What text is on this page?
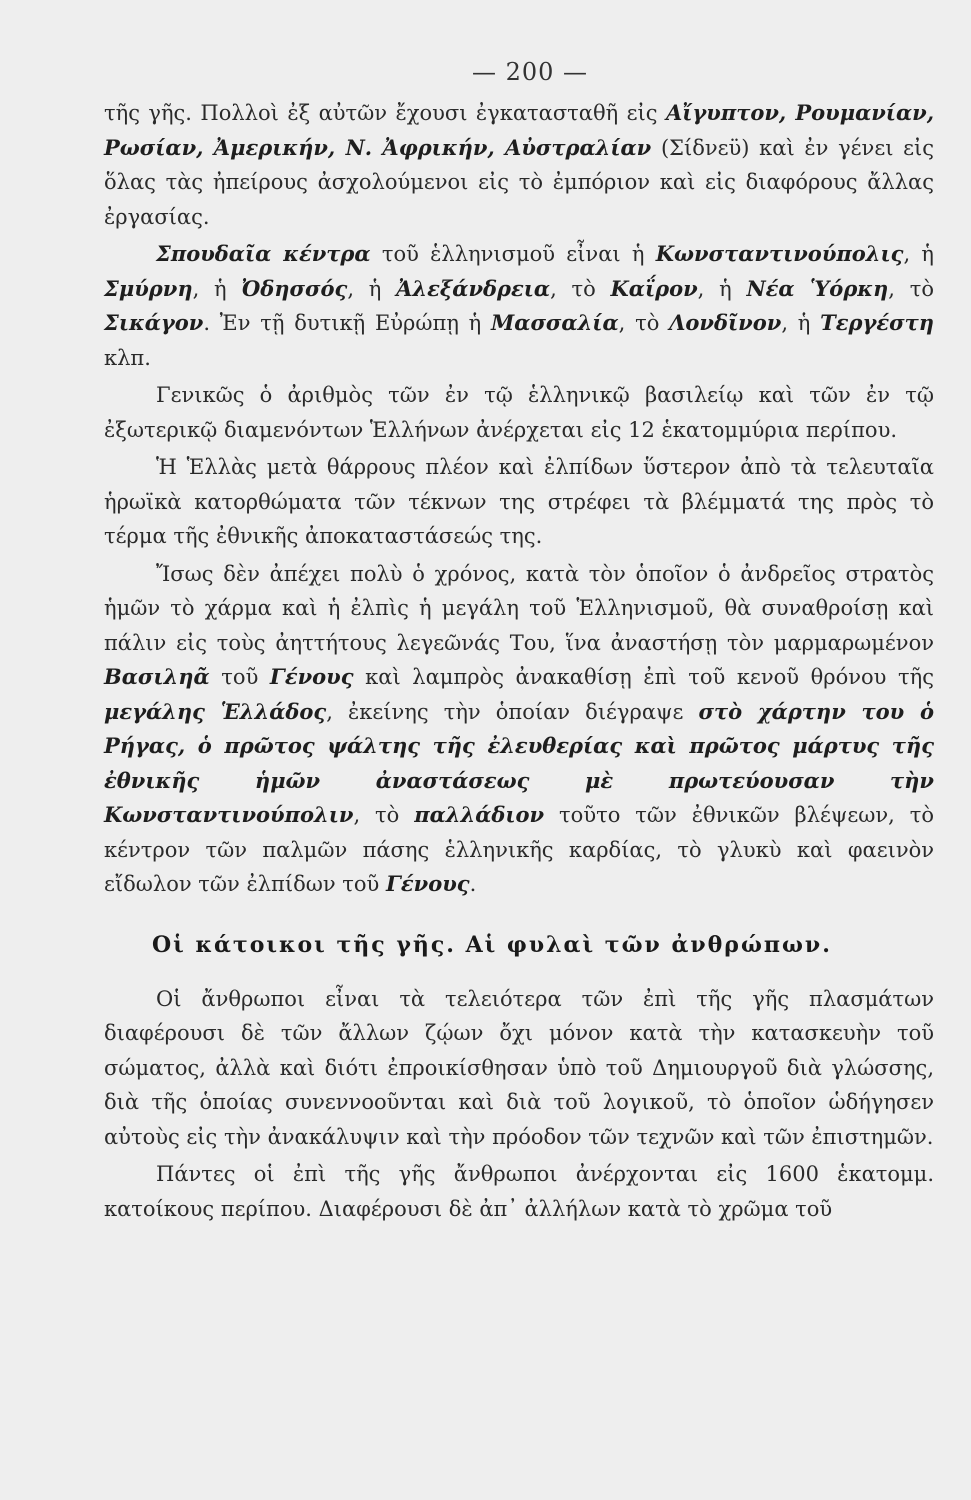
— 200 —

τῆς γῆς. Πολλοὶ ἐξ αὐτῶν ἔχουσι ἐγκατασταθῆ εἰς Αἴγυπτον, Ρουμανίαν, Ρωσίαν, Ἀμερικήν, Ν. Ἀφρικήν, Αὐστραλίαν (Σίδνεϋ) καὶ ἐν γένει εἰς ὅλας τὰς ἠπείρους ἀσχολούμενοι εἰς τὸ ἐμπόριον καὶ εἰς διαφόρους ἄλλας ἐργασίας.

Σπουδαῖα κέντρα τοῦ ἑλληνισμοῦ εἶναι ἡ Κωνσταντινούπολις, ἡ Σμύρνη, ἡ Ὀδησσός, ἡ Ἀλεξάνδρεια, τὸ Καΐρον, ἡ Νέα Ὑόρκη, τὸ Σικάγον. Ἐν τῇ δυτικῇ Εὐρώπῃ ἡ Μασσαλία, τὸ Λονδῖνον, ἡ Τεργέστη κλπ.

Γενικῶς ὁ ἀριθμὸς τῶν ἐν τῷ ἑλληνικῷ βασιλείῳ καὶ τῶν ἐν τῷ ἐξωτερικῷ διαμενόντων Ἑλλήνων ἀνέρχεται εἰς 12 ἑκατομμύρια περίπου.

Ἡ Ἑλλὰς μετὰ θάρρους πλέον καὶ ἐλπίδων ὕστερον ἀπὸ τὰ τελευταῖα ἡρωϊκὰ κατορθώματα τῶν τέκνων της στρέφει τὰ βλέμματά της πρὸς τὸ τέρμα τῆς ἐθνικῆς ἀποκαταστάσεώς της.

Ἴσως δὲν ἀπέχει πολὺ ὁ χρόνος, κατὰ τὸν ὁποῖον ὁ ἀνδρεῖος στρατὸς ἡμῶν τὸ χάρμα καὶ ἡ ἐλπὶς ἡ μεγάλη τοῦ Ἑλληνισμοῦ, θὰ συναθροίσῃ καὶ πάλιν εἰς τοὺς ἀηττήτους λεγεῶνάς Του, ἵνα ἀναστήσῃ τὸν μαρμαρωμένον Βασιληᾶ τοῦ Γένους καὶ λαμπρὸς ἀνακαθίσῃ ἐπὶ τοῦ κενοῦ θρόνου τῆς μεγάλης Ἑλλάδος, ἐκείνης τὴν ὁποίαν διέγραψε στὸ χάρτην του ὁ Ρήγας, ὁ πρῶτος ψάλτης τῆς ἐλευθερίας καὶ πρῶτος μάρτυς τῆς ἐθνικῆς ἡμῶν ἀναστάσεως μὲ πρωτεύουσαν τὴν Κωνσταντινούπολιν, τὸ παλλάδιον τοῦτο τῶν ἐθνικῶν βλέψεων, τὸ κέντρον τῶν παλμῶν πάσης ἑλληνικῆς καρδίας, τὸ γλυκὺ καὶ φαεινὸν εἴδωλον τῶν ἐλπίδων τοῦ Γένους.

Οἱ κάτοικοι τῆς γῆς. Αἱ φυλαὶ τῶν ἀνθρώπων.

Οἱ ἄνθρωποι εἶναι τὰ τελειότερα τῶν ἐπὶ τῆς γῆς πλασμάτων διαφέρουσι δὲ τῶν ἄλλων ζῴων ὄχι μόνον κατὰ τὴν κατασκευὴν τοῦ σώματος, ἀλλὰ καὶ διότι ἐπροικίσθησαν ὑπὸ τοῦ Δημιουργοῦ διὰ γλώσσης, διὰ τῆς ὁποίας συνεννοοῦνται καὶ διὰ τοῦ λογικοῦ, τὸ ὁποῖον ὡδήγησεν αὐτοὺς εἰς τὴν ἀνακάλυψιν καὶ τὴν πρόοδον τῶν τεχνῶν καὶ τῶν ἐπιστημῶν.

Πάντες οἱ ἐπὶ τῆς γῆς ἄνθρωποι ἀνέρχονται εἰς 1600 ἑκατομμ. κατοίκους περίπου. Διαφέρουσι δὲ ἀπ᾿ ἀλλήλων κατὰ τὸ χρῶμα τοῦ
